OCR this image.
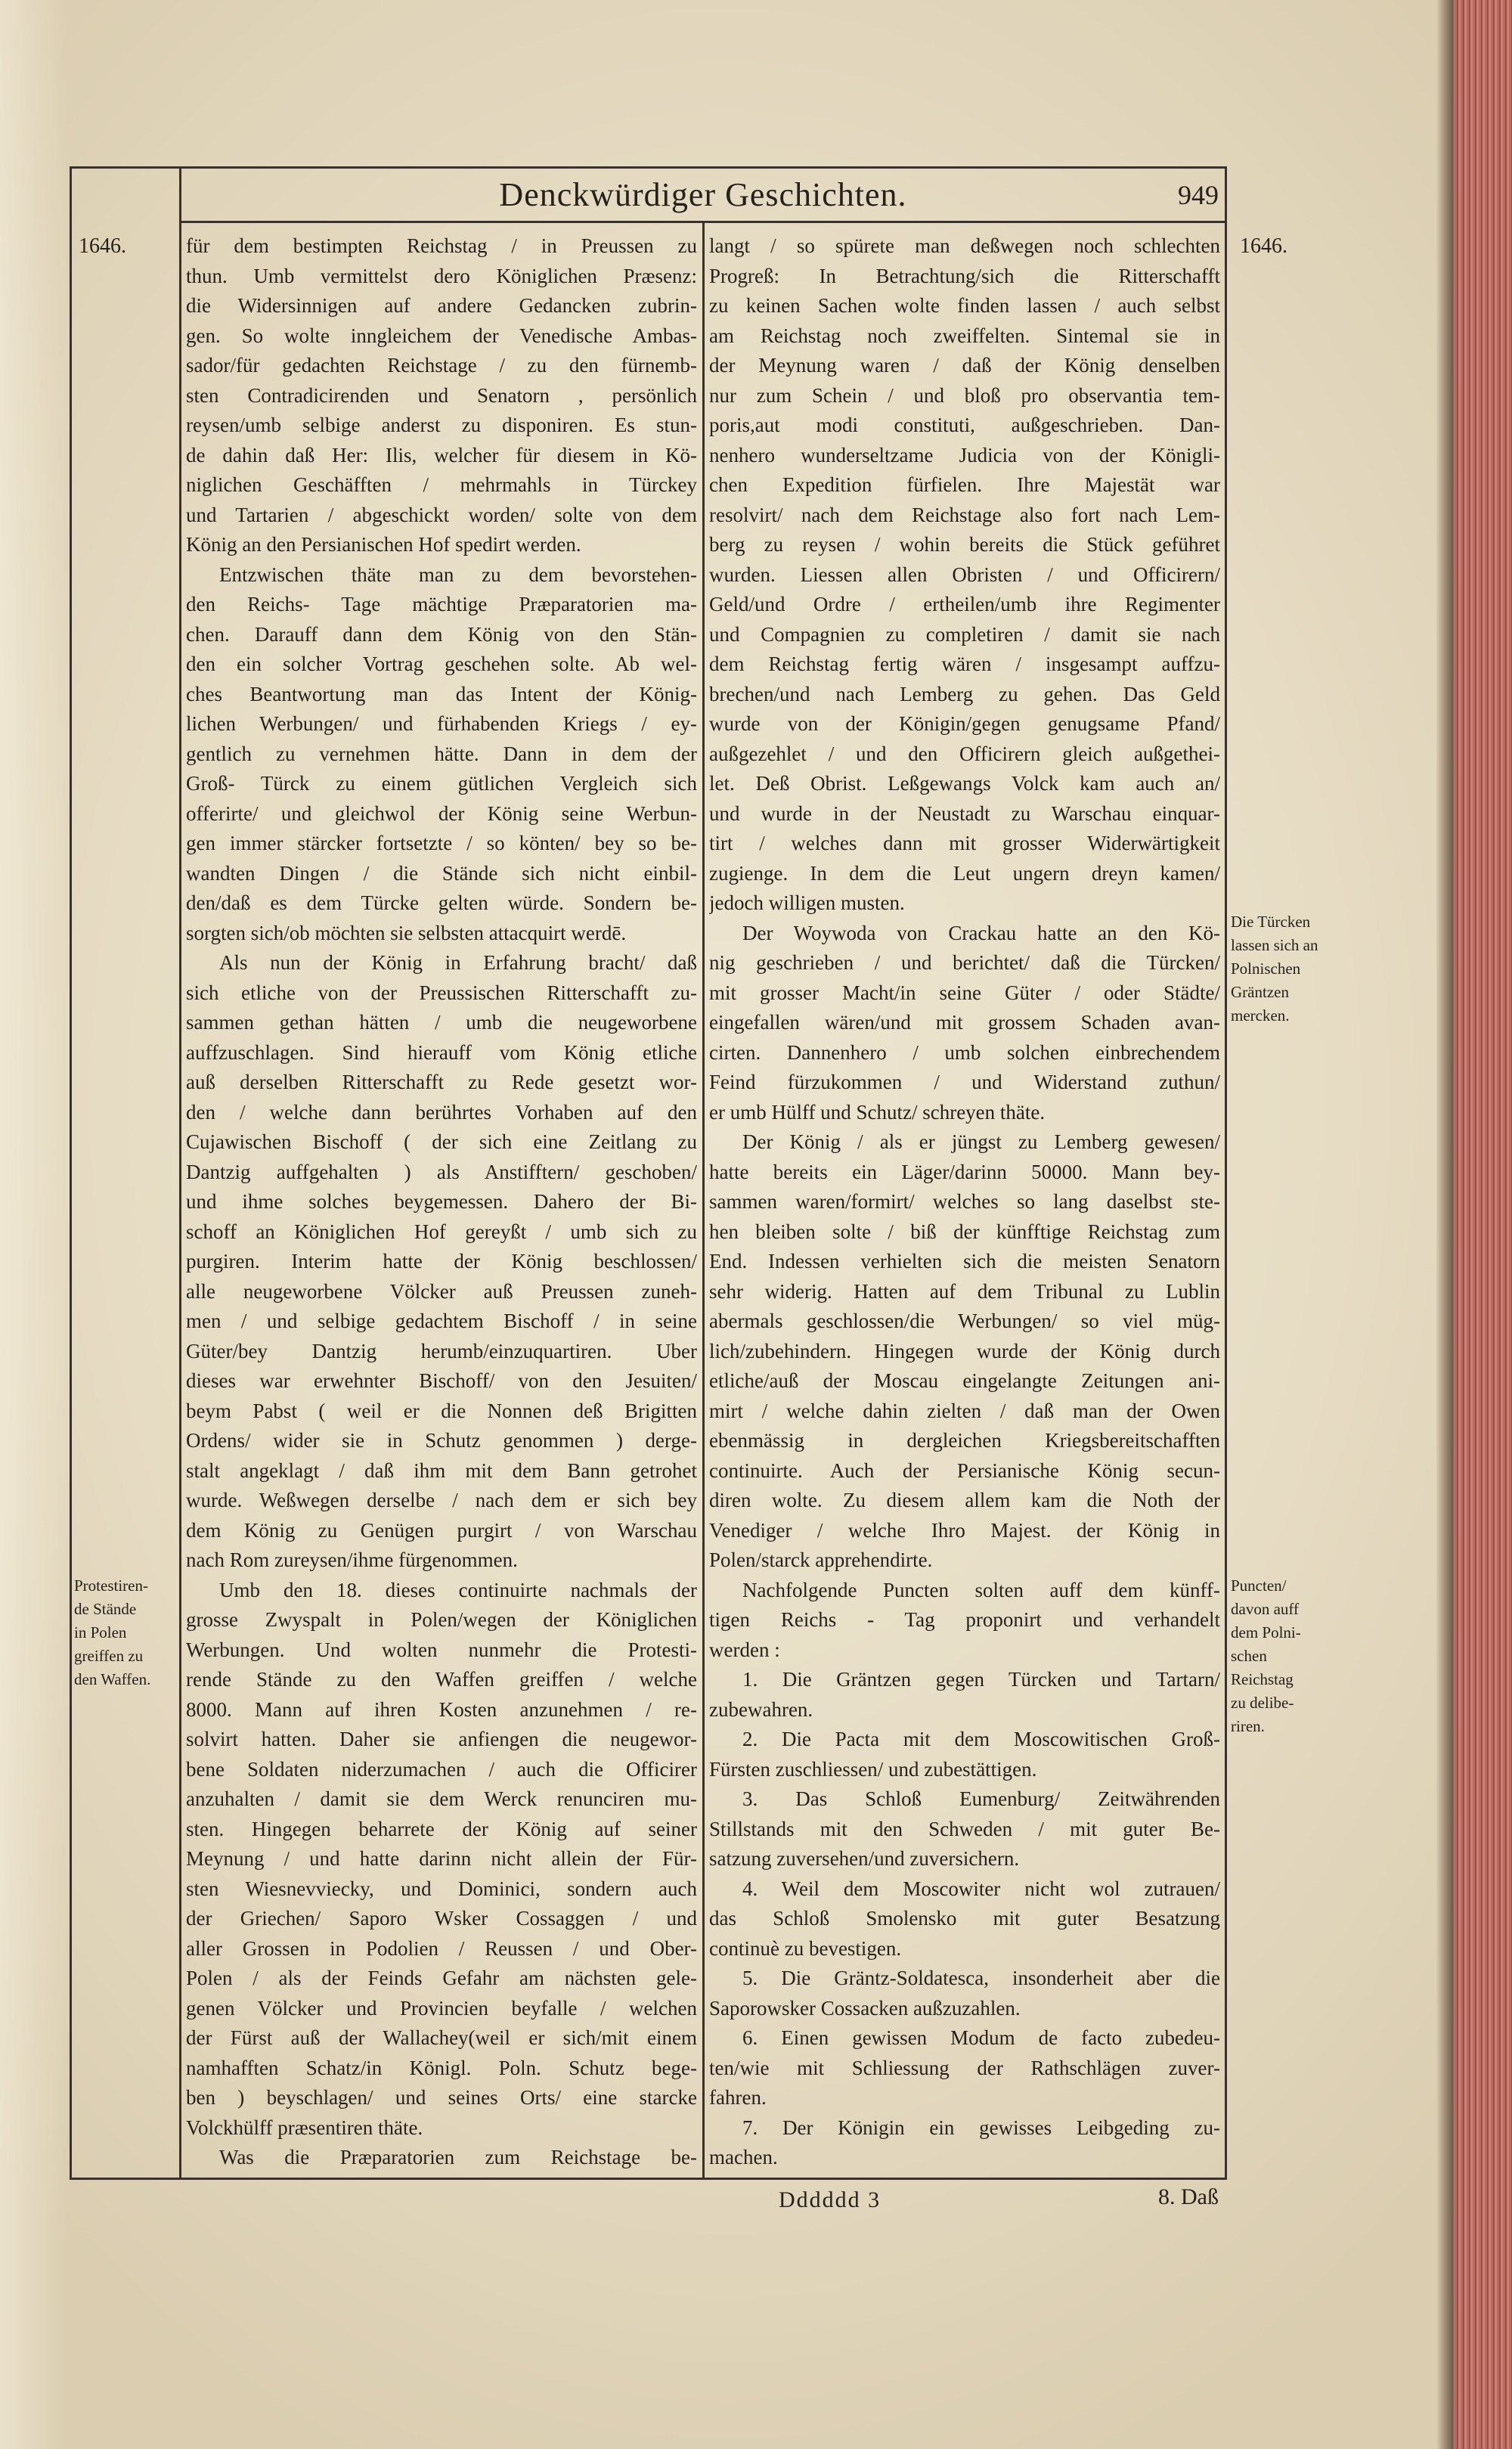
Denckwürdiger Geschichten.	949
1646.	1646.
Protestiren-
de Stände
in Polen
greiffen zu
den Waffen.
Die Türcken
lassen sich an
Polnischen
Gräntzen
mercken.
Puncten/
davon auff
dem Polni-
schen
Reichstag
zu delibe-
riren.
für dem bestimpten Reichstag / in Preussen zu
thun. Umb vermittelst dero Königlichen Præsenz:
die Widersinnigen auf andere Gedancken zubrin-
gen. So wolte inngleichem der Venedische Ambas-
sador/für gedachten Reichstage / zu den fürnemb-
sten Contradicirenden und Senatorn , persönlich
reysen/umb selbige anderst zu disponiren. Es stun-
de dahin daß Her: Ilis, welcher für diesem in Kö-
niglichen Geschäfften / mehrmahls in Türckey
und Tartarien / abgeschickt worden/ solte von dem
König an den Persianischen Hof spedirt werden.
Entzwischen thäte man zu dem bevorstehen-
den Reichs- Tage mächtige Præparatorien ma-
chen. Darauff dann dem König von den Stän-
den ein solcher Vortrag geschehen solte. Ab wel-
ches Beantwortung man das Intent der König-
lichen Werbungen/ und fürhabenden Kriegs / ey-
gentlich zu vernehmen hätte. Dann in dem der
Groß- Türck zu einem gütlichen Vergleich sich
offerirte/ und gleichwol der König seine Werbun-
gen immer stärcker fortsetzte / so könten/ bey so be-
wandten Dingen / die Stände sich nicht einbil-
den/daß es dem Türcke gelten würde. Sondern be-
sorgten sich/ob möchten sie selbsten attacquirt werdē.
Als nun der König in Erfahrung bracht/ daß
sich etliche von der Preussischen Ritterschafft zu-
sammen gethan hätten / umb die neugeworbene
auffzuschlagen. Sind hierauff vom König etliche
auß derselben Ritterschafft zu Rede gesetzt wor-
den / welche dann berührtes Vorhaben auf den
Cujawischen Bischoff ( der sich eine Zeitlang zu
Dantzig auffgehalten ) als Anstifftern/ geschoben/
und ihme solches beygemessen. Dahero der Bi-
schoff an Königlichen Hof gereyßt / umb sich zu
purgiren. Interim hatte der König beschlossen/
alle neugeworbene Völcker auß Preussen zuneh-
men / und selbige gedachtem Bischoff / in seine
Güter/bey Dantzig herumb/einzuquartiren. Uber
dieses war erwehnter Bischoff/ von den Jesuiten/
beym Pabst ( weil er die Nonnen deß Brigitten
Ordens/ wider sie in Schutz genommen ) derge-
stalt angeklagt / daß ihm mit dem Bann getrohet
wurde. Weßwegen derselbe / nach dem er sich bey
dem König zu Genügen purgirt / von Warschau
nach Rom zureysen/ihme fürgenommen.
Umb den 18. dieses continuirte nachmals der
grosse Zwyspalt in Polen/wegen der Königlichen
Werbungen. Und wolten nunmehr die Protesti-
rende Stände zu den Waffen greiffen / welche
8000. Mann auf ihren Kosten anzunehmen / re-
solvirt hatten. Daher sie anfiengen die neugewor-
bene Soldaten niderzumachen / auch die Officirer
anzuhalten / damit sie dem Werck renunciren mu-
sten. Hingegen beharrete der König auf seiner
Meynung / und hatte darinn nicht allein der Für-
sten Wiesnevviecky, und Dominici, sondern auch
der Griechen/ Saporo Wsker Cossaggen / und
aller Grossen in Podolien / Reussen / und Ober-
Polen / als der Feinds Gefahr am nächsten gele-
genen Völcker und Provincien beyfalle / welchen
der Fürst auß der Wallachey(weil er sich/mit einem
namhafften Schatz/in Königl. Poln. Schutz bege-
ben ) beyschlagen/ und seines Orts/ eine starcke
Volckhülff præsentiren thäte.
Was die Præparatorien zum Reichstage be-
langt / so spürete man deßwegen noch schlechten
Progreß: In Betrachtung/sich die Ritterschafft
zu keinen Sachen wolte finden lassen / auch selbst
am Reichstag noch zweiffelten. Sintemal sie in
der Meynung waren / daß der König denselben
nur zum Schein / und bloß pro observantia tem-
poris,aut modi constituti, außgeschrieben. Dan-
nenhero wunderseltzame Judicia von der Königli-
chen Expedition fürfielen. Ihre Majestät war
resolvirt/ nach dem Reichstage also fort nach Lem-
berg zu reysen / wohin bereits die Stück geführet
wurden. Liessen allen Obristen / und Officirern/
Geld/und Ordre / ertheilen/umb ihre Regimenter
und Compagnien zu completiren / damit sie nach
dem Reichstag fertig wären / insgesampt auffzu-
brechen/und nach Lemberg zu gehen. Das Geld
wurde von der Königin/gegen genugsame Pfand/
außgezehlet / und den Officirern gleich außgethei-
let. Deß Obrist. Leßgewangs Volck kam auch an/
und wurde in der Neustadt zu Warschau einquar-
tirt / welches dann mit grosser Widerwärtigkeit
zugienge. In dem die Leut ungern dreyn kamen/
jedoch willigen musten.
Der Woywoda von Crackau hatte an den Kö-
nig geschrieben / und berichtet/ daß die Türcken/
mit grosser Macht/in seine Güter / oder Städte/
eingefallen wären/und mit grossem Schaden avan-
cirten. Dannenhero / umb solchen einbrechendem
Feind fürzukommen / und Widerstand zuthun/
er umb Hülff und Schutz/ schreyen thäte.
Der König / als er jüngst zu Lemberg gewesen/
hatte bereits ein Läger/darinn 50000. Mann bey-
sammen waren/formirt/ welches so lang daselbst ste-
hen bleiben solte / biß der künfftige Reichstag zum
End. Indessen verhielten sich die meisten Senatorn
sehr widerig. Hatten auf dem Tribunal zu Lublin
abermals geschlossen/die Werbungen/ so viel müg-
lich/zubehindern. Hingegen wurde der König durch
etliche/auß der Moscau eingelangte Zeitungen ani-
mirt / welche dahin zielten / daß man der Owen
ebenmässig in dergleichen Kriegsbereitschafften
continuirte. Auch der Persianische König secun-
diren wolte. Zu diesem allem kam die Noth der
Venediger / welche Ihro Majest. der König in
Polen/starck apprehendirte.
Nachfolgende Puncten solten auff dem künff-
tigen Reichs - Tag proponirt und verhandelt
werden :
1. Die Gräntzen gegen Türcken und Tartarn/
zubewahren.
2. Die Pacta mit dem Moscowitischen Groß-
Fürsten zuschliessen/ und zubestättigen.
3. Das Schloß Eumenburg/ Zeitwährenden
Stillstands mit den Schweden / mit guter Be-
satzung zuversehen/und zuversichern.
4. Weil dem Moscowiter nicht wol zutrauen/
das Schloß Smolensko mit guter Besatzung
continuè zu bevestigen.
5. Die Gräntz-Soldatesca, insonderheit aber die
Saporowsker Cossacken außzuzahlen.
6. Einen gewissen Modum de facto zubedeu-
ten/wie mit Schliessung der Rathschlägen zuver-
fahren.
7. Der Königin ein gewisses Leibgeding zu-
machen.
Dddddd 3	8. Daß
